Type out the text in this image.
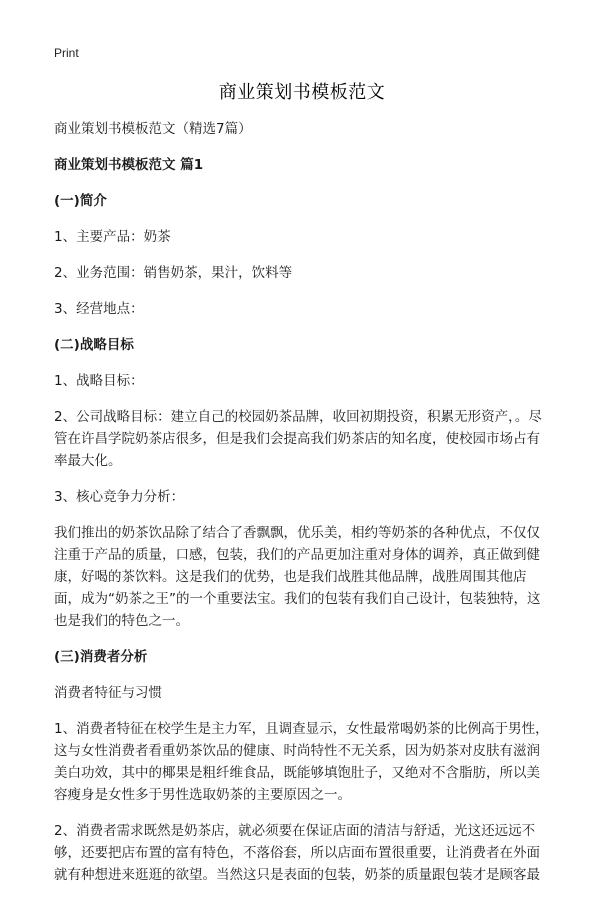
Print
商业策划书模板范文
商业策划书模板范文（精选7篇）
商业策划书模板范文 篇1
(一)简介
1、主要产品：奶茶
2、业务范围：销售奶茶，果汁，饮料等
3、经营地点：
(二)战略目标
1、战略目标：
2、公司战略目标：建立自己的校园奶茶品牌，收回初期投资，积累无形资产，。尽管在许昌学院奶茶店很多，但是我们会提高我们奶茶店的知名度，使校园市场占有率最大化。
3、核心竞争力分析：
我们推出的奶茶饮品除了结合了香飘飘，优乐美，相约等奶茶的各种优点，不仅仅注重于产品的质量，口感，包装，我们的产品更加注重对身体的调养，真正做到健康，好喝的茶饮料。这是我们的优势，也是我们战胜其他品牌，战胜周围其他店面，成为“奶茶之王”的一个重要法宝。我们的包装有我们自己设计，包装独特，这也是我们的特色之一。
(三)消费者分析
消费者特征与习惯
1、消费者特征在校学生是主力军，且调查显示，女性最常喝奶茶的比例高于男性，这与女性消费者看重奶茶饮品的健康、时尚特性不无关系，因为奶茶对皮肤有滋润美白功效，其中的椰果是粗纤维食品，既能够填饱肚子，又绝对不含脂肪，所以美容瘦身是女性多于男性选取奶茶的主要原因之一。
2、消费者需求既然是奶茶店，就必须要在保证店面的清洁与舒适，光这还远远不够，还要把店布置的富有特色，不落俗套，所以店面布置很重要，让消费者在外面就有种想进来逛逛的欲望。当然这只是表面的包装，奶茶的质量跟包装才是顾客最
